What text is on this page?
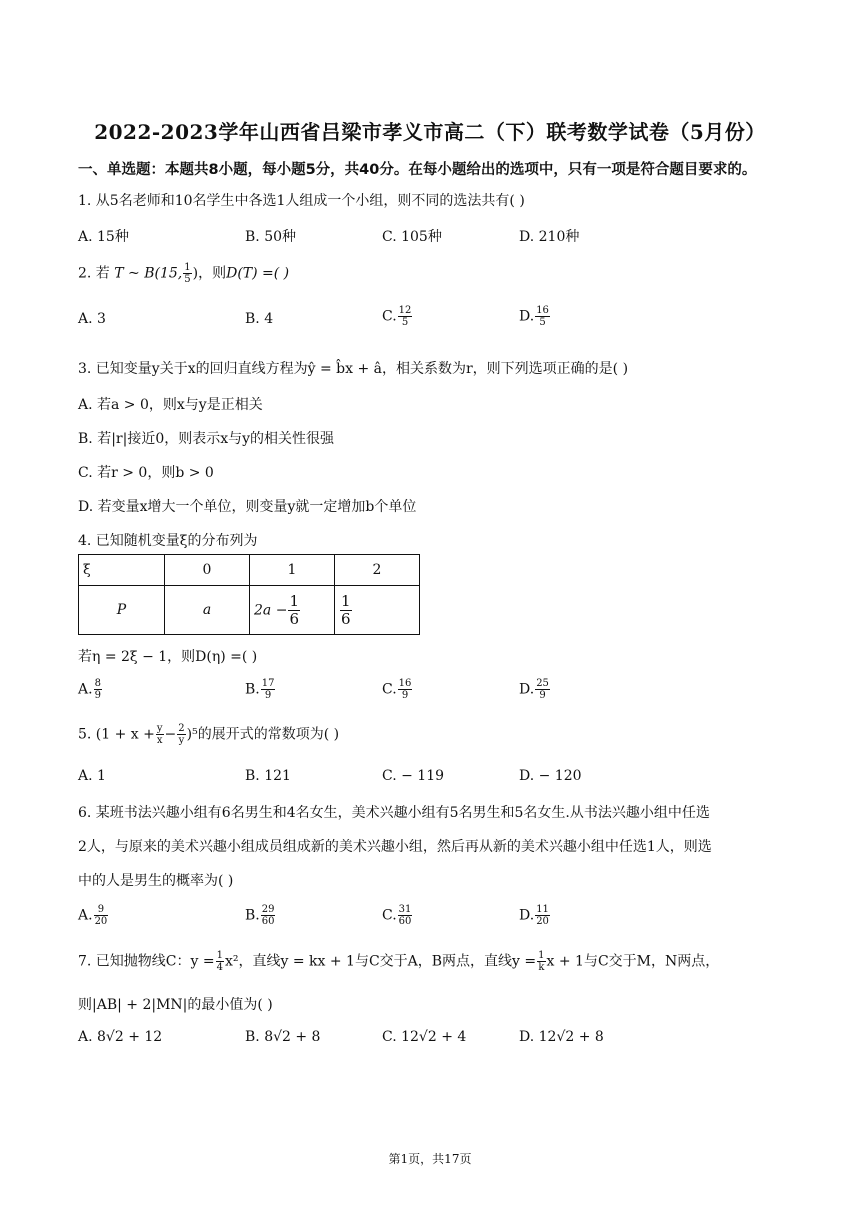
2022-2023学年山西省吕梁市孝义市高二（下）联考数学试卷（5月份）
一、单选题：本题共8小题，每小题5分，共40分。在每小题给出的选项中，只有一项是符合题目要求的。
1. 从5名老师和10名学生中各选1人组成一个小组，则不同的选法共有( )
A. 15种	B. 50种	C. 105种	D. 210种
2. 若 T ~ B(15, $\frac{1}{5}$ )，则D(T) =( )
A. 3	B. 4	C. $\frac{12}{5}$	D. $\frac{16}{5}$
3. 已知变量y关于x的回归直线方程为ŷ = b̂x + â，相关系数为r，则下列选项正确的是( )
A. 若a > 0，则x与y是正相关
B. 若|r|接近0，则表示x与y的相关性很强
C. 若r > 0，则b > 0
D. 若变量x增大一个单位，则变量y就一定增加b个单位
4. 已知随机变量ξ的分布列为
ξ	0	1	2
P	a	$2a - \frac{1}{6}$	$\frac{1}{6}$
若η = 2ξ − 1，则D(η) =( )
A. $\frac{8}{9}$	B. $\frac{17}{9}$	C. $\frac{16}{9}$	D. $\frac{25}{9}$
5. $(1 + x + \frac{y}{x} - \frac{2}{y} )^5$的展开式的常数项为( )
A. 1	B. 121	C. − 119	D. − 120
6. 某班书法兴趣小组有6名男生和4名女生，美术兴趣小组有5名男生和5名女生.从书法兴趣小组中任选
2人，与原来的美术兴趣小组成员组成新的美术兴趣小组，然后再从新的美术兴趣小组中任选1人，则选
中的人是男生的概率为( )
A. $\frac{9}{20}$	B. $\frac{29}{60}$	C. $\frac{31}{60}$	D. $\frac{11}{20}$
7. 已知抛物线C：$y = \frac{1}{4} x^2$，直线y = kx + 1与C交于A，B两点，直线$y = \frac{1}{k}$ x + 1与C交于M，N两点，
则|AB| + 2|MN|的最小值为( )
A. 8√2 + 12	B. 8√2 + 8	C. 12√2 + 4	D. 12√2 + 8
第1页，共17页
